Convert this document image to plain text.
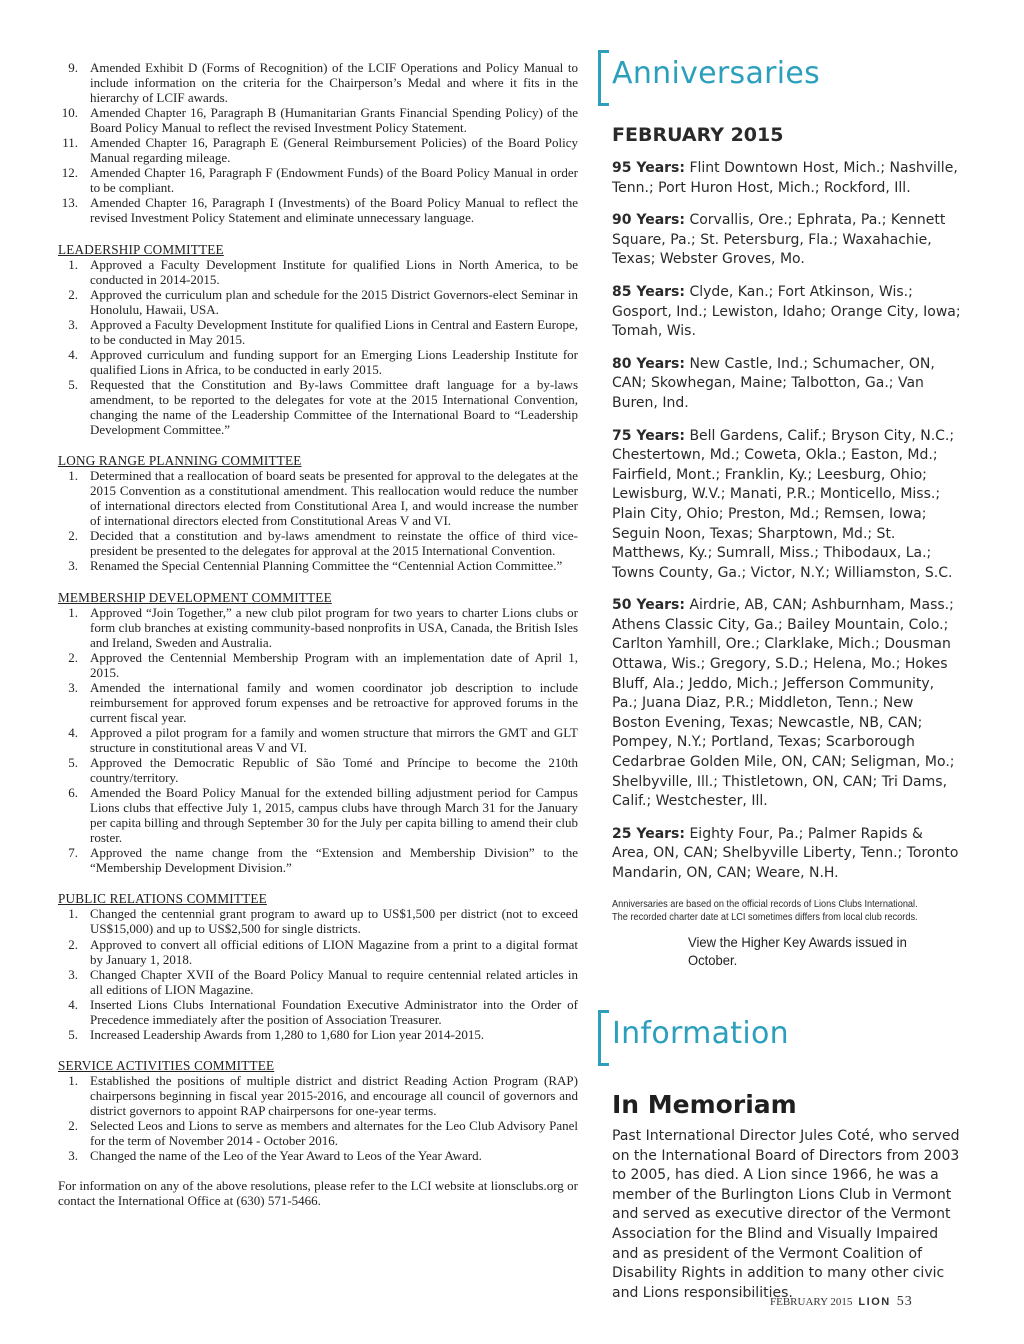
9. Amended Exhibit D (Forms of Recognition) of the LCIF Operations and Policy Manual to include information on the criteria for the Chairperson’s Medal and where it fits in the hierarchy of LCIF awards.
10. Amended Chapter 16, Paragraph B (Humanitarian Grants Financial Spending Policy) of the Board Policy Manual to reflect the revised Investment Policy Statement.
11. Amended Chapter 16, Paragraph E (General Reimbursement Policies) of the Board Policy Manual regarding mileage.
12. Amended Chapter 16, Paragraph F (Endowment Funds) of the Board Policy Manual in order to be compliant.
13. Amended Chapter 16, Paragraph I (Investments) of the Board Policy Manual to reflect the revised Investment Policy Statement and eliminate unnecessary language.
LEADERSHIP COMMITTEE
1. Approved a Faculty Development Institute for qualified Lions in North America, to be conducted in 2014-2015.
2. Approved the curriculum plan and schedule for the 2015 District Governors-elect Seminar in Honolulu, Hawaii, USA.
3. Approved a Faculty Development Institute for qualified Lions in Central and Eastern Europe, to be conducted in May 2015.
4. Approved curriculum and funding support for an Emerging Lions Leadership Institute for qualified Lions in Africa, to be conducted in early 2015.
5. Requested that the Constitution and By-laws Committee draft language for a by-laws amendment, to be reported to the delegates for vote at the 2015 International Convention, changing the name of the Leadership Committee of the International Board to “Leadership Development Committee.”
LONG RANGE PLANNING COMMITTEE
1. Determined that a reallocation of board seats be presented for approval to the delegates at the 2015 Convention as a constitutional amendment. This reallocation would reduce the number of international directors elected from Constitutional Area I, and would increase the number of international directors elected from Constitutional Areas V and VI.
2. Decided that a constitution and by-laws amendment to reinstate the office of third vice-president be presented to the delegates for approval at the 2015 International Convention.
3. Renamed the Special Centennial Planning Committee the “Centennial Action Committee.”
MEMBERSHIP DEVELOPMENT COMMITTEE
1. Approved “Join Together,” a new club pilot program for two years to charter Lions clubs or form club branches at existing community-based nonprofits in USA, Canada, the British Isles and Ireland, Sweden and Australia.
2. Approved the Centennial Membership Program with an implementation date of April 1, 2015.
3. Amended the international family and women coordinator job description to include reimbursement for approved forum expenses and be retroactive for approved forums in the current fiscal year.
4. Approved a pilot program for a family and women structure that mirrors the GMT and GLT structure in constitutional areas V and VI.
5. Approved the Democratic Republic of São Tomé and Príncipe to become the 210th country/territory.
6. Amended the Board Policy Manual for the extended billing adjustment period for Campus Lions clubs that effective July 1, 2015, campus clubs have through March 31 for the January per capita billing and through September 30 for the July per capita billing to amend their club roster.
7. Approved the name change from the “Extension and Membership Division” to the “Membership Development Division.”
PUBLIC RELATIONS COMMITTEE
1. Changed the centennial grant program to award up to US$1,500 per district (not to exceed US$15,000) and up to US$2,500 for single districts.
2. Approved to convert all official editions of LION Magazine from a print to a digital format by January 1, 2018.
3. Changed Chapter XVII of the Board Policy Manual to require centennial related articles in all editions of LION Magazine.
4. Inserted Lions Clubs International Foundation Executive Administrator into the Order of Precedence immediately after the position of Association Treasurer.
5. Increased Leadership Awards from 1,280 to 1,680 for Lion year 2014-2015.
SERVICE ACTIVITIES COMMITTEE
1. Established the positions of multiple district and district Reading Action Program (RAP) chairpersons beginning in fiscal year 2015-2016, and encourage all council of governors and district governors to appoint RAP chairpersons for one-year terms.
2. Selected Leos and Lions to serve as members and alternates for the Leo Club Advisory Panel for the term of November 2014 - October 2016.
3. Changed the name of the Leo of the Year Award to Leos of the Year Award.
For information on any of the above resolutions, please refer to the LCI website at lionsclubs.org or contact the International Office at (630) 571-5466.
Anniversaries
FEBRUARY 2015
95 Years: Flint Downtown Host, Mich.; Nashville, Tenn.; Port Huron Host, Mich.; Rockford, Ill.
90 Years: Corvallis, Ore.; Ephrata, Pa.; Kennett Square, Pa.; St. Petersburg, Fla.; Waxahachie, Texas; Webster Groves, Mo.
85 Years: Clyde, Kan.; Fort Atkinson, Wis.; Gosport, Ind.; Lewiston, Idaho; Orange City, Iowa; Tomah, Wis.
80 Years: New Castle, Ind.; Schumacher, ON, CAN; Skowhegan, Maine; Talbotton, Ga.; Van Buren, Ind.
75 Years: Bell Gardens, Calif.; Bryson City, N.C.; Chestertown, Md.; Coweta, Okla.; Easton, Md.; Fairfield, Mont.; Franklin, Ky.; Leesburg, Ohio; Lewisburg, W.V.; Manati, P.R.; Monticello, Miss.; Plain City, Ohio; Preston, Md.; Remsen, Iowa; Seguin Noon, Texas; Sharptown, Md.; St. Matthews, Ky.; Sumrall, Miss.; Thibodaux, La.; Towns County, Ga.; Victor, N.Y.; Williamston, S.C.
50 Years: Airdrie, AB, CAN; Ashburnham, Mass.; Athens Classic City, Ga.; Bailey Mountain, Colo.; Carlton Yamhill, Ore.; Clarklake, Mich.; Dousman Ottawa, Wis.; Gregory, S.D.; Helena, Mo.; Hokes Bluff, Ala.; Jeddo, Mich.; Jefferson Community, Pa.; Juana Diaz, P.R.; Middleton, Tenn.; New Boston Evening, Texas; Newcastle, NB, CAN; Pompey, N.Y.; Portland, Texas; Scarborough Cedarbrae Golden Mile, ON, CAN; Seligman, Mo.; Shelbyville, Ill.; Thistletown, ON, CAN; Tri Dams, Calif.; Westchester, Ill.
25 Years: Eighty Four, Pa.; Palmer Rapids & Area, ON, CAN; Shelbyville Liberty, Tenn.; Toronto Mandarin, ON, CAN; Weare, N.H.
Anniversaries are based on the official records of Lions Clubs International. The recorded charter date at LCI sometimes differs from local club records.
View the Higher Key Awards issued in October.
Information
In Memoriam
Past International Director Jules Coté, who served on the International Board of Directors from 2003 to 2005, has died. A Lion since 1966, he was a member of the Burlington Lions Club in Vermont and served as executive director of the Vermont Association for the Blind and Visually Impaired and as president of the Vermont Coalition of Disability Rights in addition to many other civic and Lions responsibilities.
FEBRUARY 2015 LION 53
